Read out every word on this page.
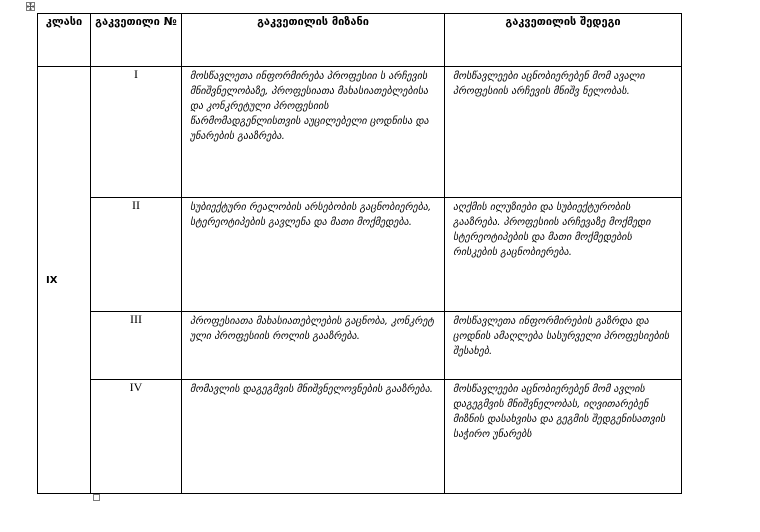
კლასი	გაკვეთილი №	გაკვეთილის მიზანი	გაკვეთილის შედეგი
IX	I	მოსწავლეთა ინფორმირება პროფესიი ს არჩევის მნიშვნელობაზე, პროფესიათა მახასიათებლებისა და კონკრეტული პროფესიის წარმომადგენლისთვის აუცილებელი ცოდნისა და უნარების გააზრება.	მოსწავლეები აცნობიერებენ მომ ავალი პროფესიის არჩევის მნიშვ ნელობას.
	II	სუბიექტური რეალობის არსებობის გაცნობიერება, სტერეოტიპების გავლენა და მათი მოქმედება.	აღქმის ილუზიები და სუბიექტურობის გააზრება. პროფესიის არჩევაზე მოქმედი სტერეოტიპების და მათი მოქმედების რისკების გაცნობიერება.
	III	პროფესიათა მახასიათებლების გაცნობა, კონკრეტ ული პროფესიის როლის გააზრება.	მოსწავლეთა ინფორმირების გაზრდა და ცოდნის ამაღლება სასურველი პროფესიების შესახებ.
	IV	მომავლის დაგეგმვის მნიშვნელოვნების გააზრება.	მოსწავლეები აცნობიერებენ მომ ავლის დაგეგმვის მნიშვნელობას, იღვითარებენ მიზნის დასახვისა და გეგმის შედგენისათვის საჭირო უნარებს
